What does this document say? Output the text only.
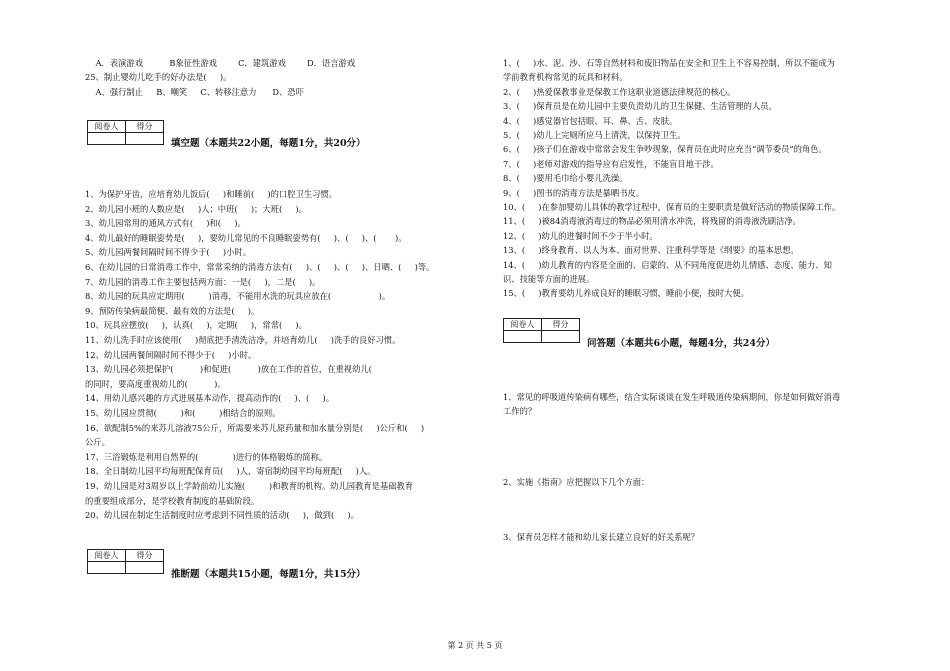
A．表演游戏          B象征性游戏        C．建筑游戏        D．语言游戏
25、制止婴幼儿吃手的好办法是(     )。
A、强行制止     B、嘲笑     C、转移注意力      D、恐吓
阅卷人	得分

填空题（本题共22小题，每题1分，共20分）
1、为保护牙齿，应培育幼儿饭后(     )和睡前(     )的口腔卫生习惯。
2、幼儿园小班的人数应是(     )人；中班(     )；大班(     )。
3、幼儿园常用的通风方式有(     )和(     )。
4、幼儿最好的睡眠姿势是(     )，要幼儿常见的不良睡眠姿势有(     )、(     )、(       )。
5、幼儿园两餐间隔时间不得少于(     )小时。
6、在幼儿园的日常消毒工作中，常常采纳的消毒方法有(     )、(     )、(     )、日晒、(     )等。
7、幼儿园的消毒工作主要包括两方面：一是(     )，二是(     )。
8、幼儿园的玩具应定期用(         )消毒，不能用水洗的玩具应放在(                  )。
9、预防传染病最简便、最有效的方法是(     )。
10、玩具应摆放(     )，认真(     )，定期(     )，常常(     )。
11、幼儿洗手时应该使用(     )彻底把手清洗洁净，并培育幼儿(     )洗手的良好习惯。
12、幼儿园两餐间隔时间不得少于(     )小时。
13、幼儿园必须把保护(          )和促进(          )放在工作的首位，在重视幼儿(
的同时，要高度重视幼儿的(          )。
14、用幼儿感兴趣的方式进展基本动作，提高动作的(     )、(     )。
15、幼儿园应贯彻(         )和(         )相结合的原则。
16、欲配制5%的来苏儿溶液75公斤，所需要来苏儿原药量和加水量分别是(     )公斤和(     )
公斤。
17、三浴锻炼是利用自然界的(             )进行的体格锻炼的简称。
18、全日制幼儿园平均每班配保育员(     )人，寄宿制幼园平均每班配(     )人。
19、幼儿园是对3周岁以上学龄前幼儿实施(         )和教育的机构。幼儿园教育是基础教育
的重要组成部分，是学校教育制度的基础阶段。
20、幼儿园在制定生活制度时应考虑到不同性质的活动(     )，做到(     )。
阅卷人	得分

推断题（本题共15小题，每题1分，共15分）
1、(     )水、泥、沙、石等自然材料和废旧物品在安全和卫生上不容易控制，所以不能成为
学前教育机构常见的玩具和材料。
2、(     )热爱保教事业是保教工作这职业道德法律规范的核心。
3、(     )保育员是在幼儿园中主要负责幼儿的卫生保健、生活管理的人员。
4、(     )感觉器官包括眼、耳、鼻、舌、皮肤。
5、(     )幼儿上完厕所应马上清洗，以保持卫生。
6、(     )孩子们在游戏中常常会发生争吵现象，保育员在此时应充当“调节委员”的角色。
7、(     )老师对游戏的指导应有启发性，不能盲目地干涉。
8、(     )要用毛巾给小婴儿洗澡。
9、(     )图书的消毒方法是暴晒书皮。
10、(     )在参加婴幼儿具体的教学过程中，保育员的主要职责是做好活动的物质保障工作。
11、(     )被84消毒液消毒过的物品必须用清水冲洗，将残留的消毒液洗刷洁净。
12、(     )幼儿的进餐时间不少于半小时。
13、(     )终身教育、以人为本、面对世界、注重科学等是《纲要》的基本思想。
14、(     )幼儿教育的内容是全面的、启蒙的、从不同角度促进幼儿情感、态度、能力、知
识、技能等方面的进展。
15、(     )教育要幼儿养成良好的睡眠习惯，睡前小便，按时大便。
阅卷人	得分

问答题（本题共6小题，每题4分，共24分）
1、常见的呼吸道传染病有哪些，结合实际谈谈在发生呼吸道传染病期间，你是如何做好消毒
工作的？
2、实施《指南》应把握以下几个方面：
3、保育员怎样才能和幼儿家长建立良好的好关系呢？
第 2 页 共 5 页
